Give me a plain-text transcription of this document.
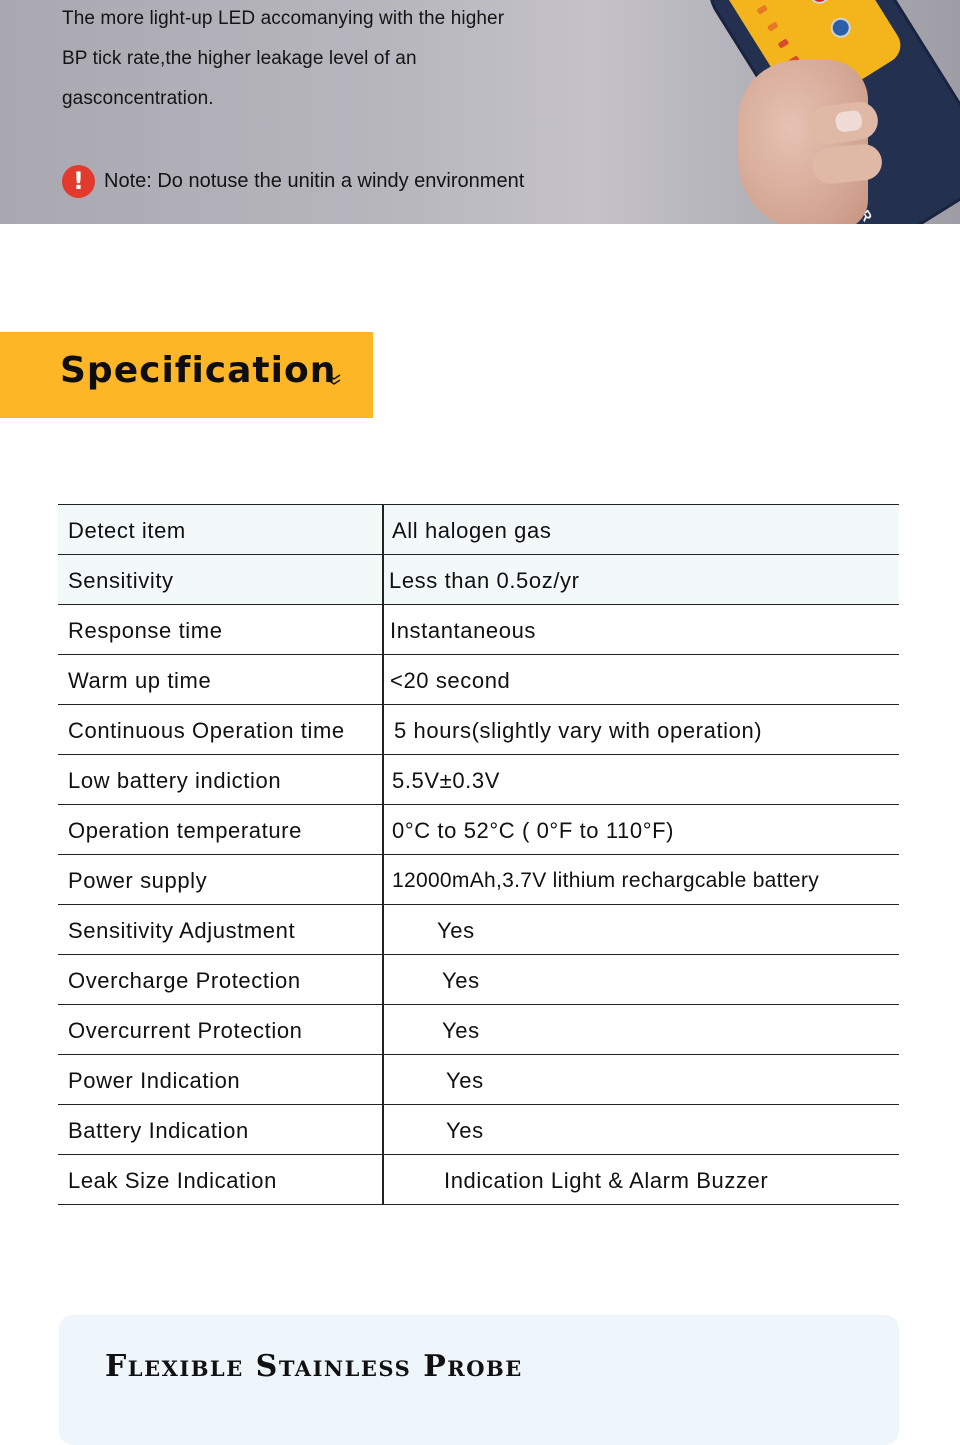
The more light-up LED accomanying with the higher
BP tick rate,the higher leakage level of an
gasconcentration.
!	Note: Do notuse the unitin a windy environment
Specification
Detect item	All halogen gas
Sensitivity	Less than 0.5oz/yr
Response time	Instantaneous
Warm up time	<20 second
Continuous Operation time 5 hours(slightly vary with operation)
Low battery indiction	5.5V±0.3V
Operation temperature	0°C to 52°C ( 0°F to 110°F)
Power supply	12000mAh,3.7V lithium rechargcable battery
Sensitivity Adjustment	Yes
Overcharge Protection	Yes
Overcurrent Protection	Yes
Power Indication	Yes
Battery Indication	Yes
Leak Size Indication	Indication Light & Alarm Buzzer
Flexible Stainless Probe
